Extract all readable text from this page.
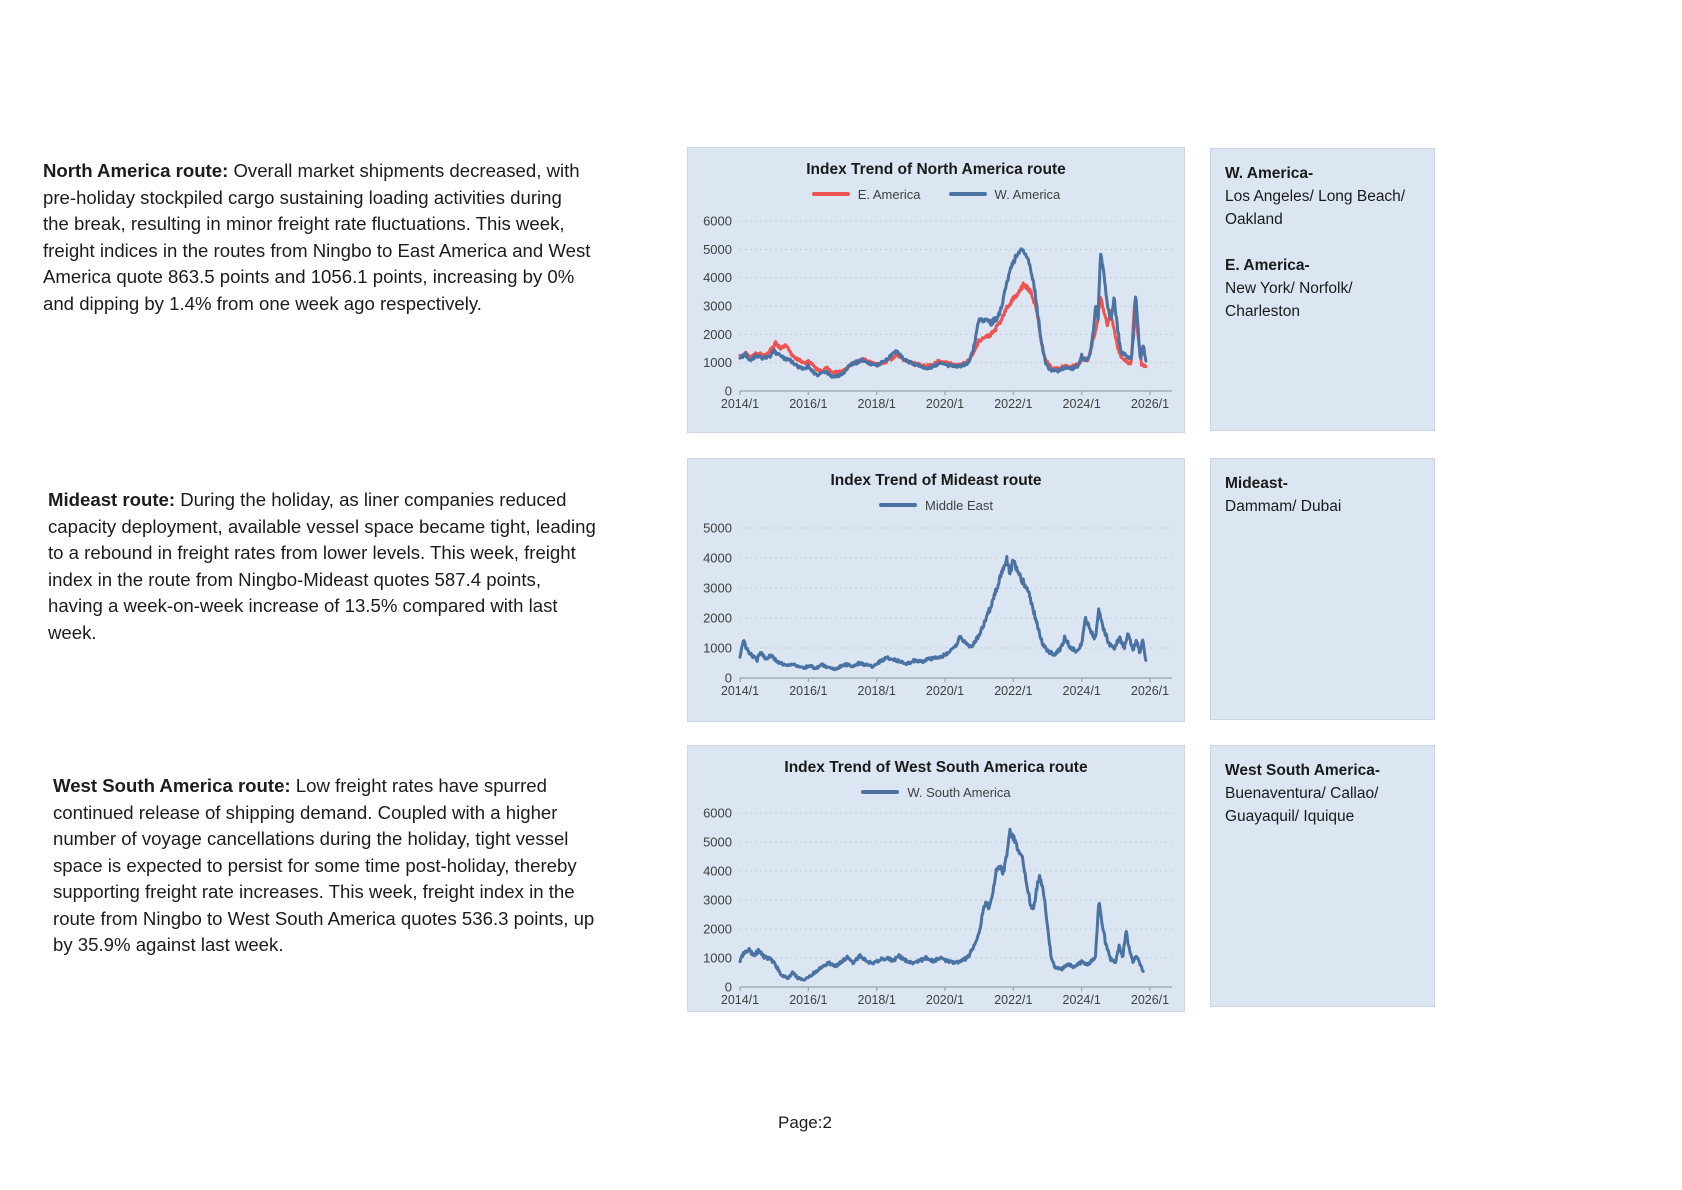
North America route: Overall market shipments decreased, with pre-holiday stockpiled cargo sustaining loading activities during the break, resulting in minor freight rate fluctuations. This week, freight indices in the routes from Ningbo to East America and West America quote 863.5 points and 1056.1 points, increasing by 0% and dipping by 1.4% from one week ago respectively.
Mideast route: During the holiday, as liner companies reduced capacity deployment, available vessel space became tight, leading to a rebound in freight rates from lower levels. This week, freight index in the route from Ningbo-Mideast quotes 587.4 points, having a week-on-week increase of 13.5% compared with last week.
West South America route: Low freight rates have spurred continued release of shipping demand. Coupled with a higher number of voyage cancellations during the holiday, tight vessel space is expected to persist for some time post-holiday, thereby supporting freight rate increases. This week, freight index in the route from Ningbo to West South America quotes 536.3 points, up by 35.9% against last week.
Index Trend of North America route
E. America	W. America
0
1000
2000
3000
4000
5000
6000
2014/1 2016/1 2018/1 2020/1 2022/1 2024/1 2026/1
Index Trend of Mideast route
Middle East
0
1000
2000
3000
4000
5000
2014/1 2016/1 2018/1 2020/1 2022/1 2024/1 2026/1
Index Trend of West South America route
W. South America
0
1000
2000
3000
4000
5000
6000
2014/1 2016/1 2018/1 2020/1 2022/1 2024/1 2026/1
W. America-
Los Angeles/ Long Beach/ Oakland
E. America-
New York/ Norfolk/ Charleston
Mideast-
Dammam/ Dubai
West South America-
Buenaventura/ Callao/ Guayaquil/ Iquique
Page:2
